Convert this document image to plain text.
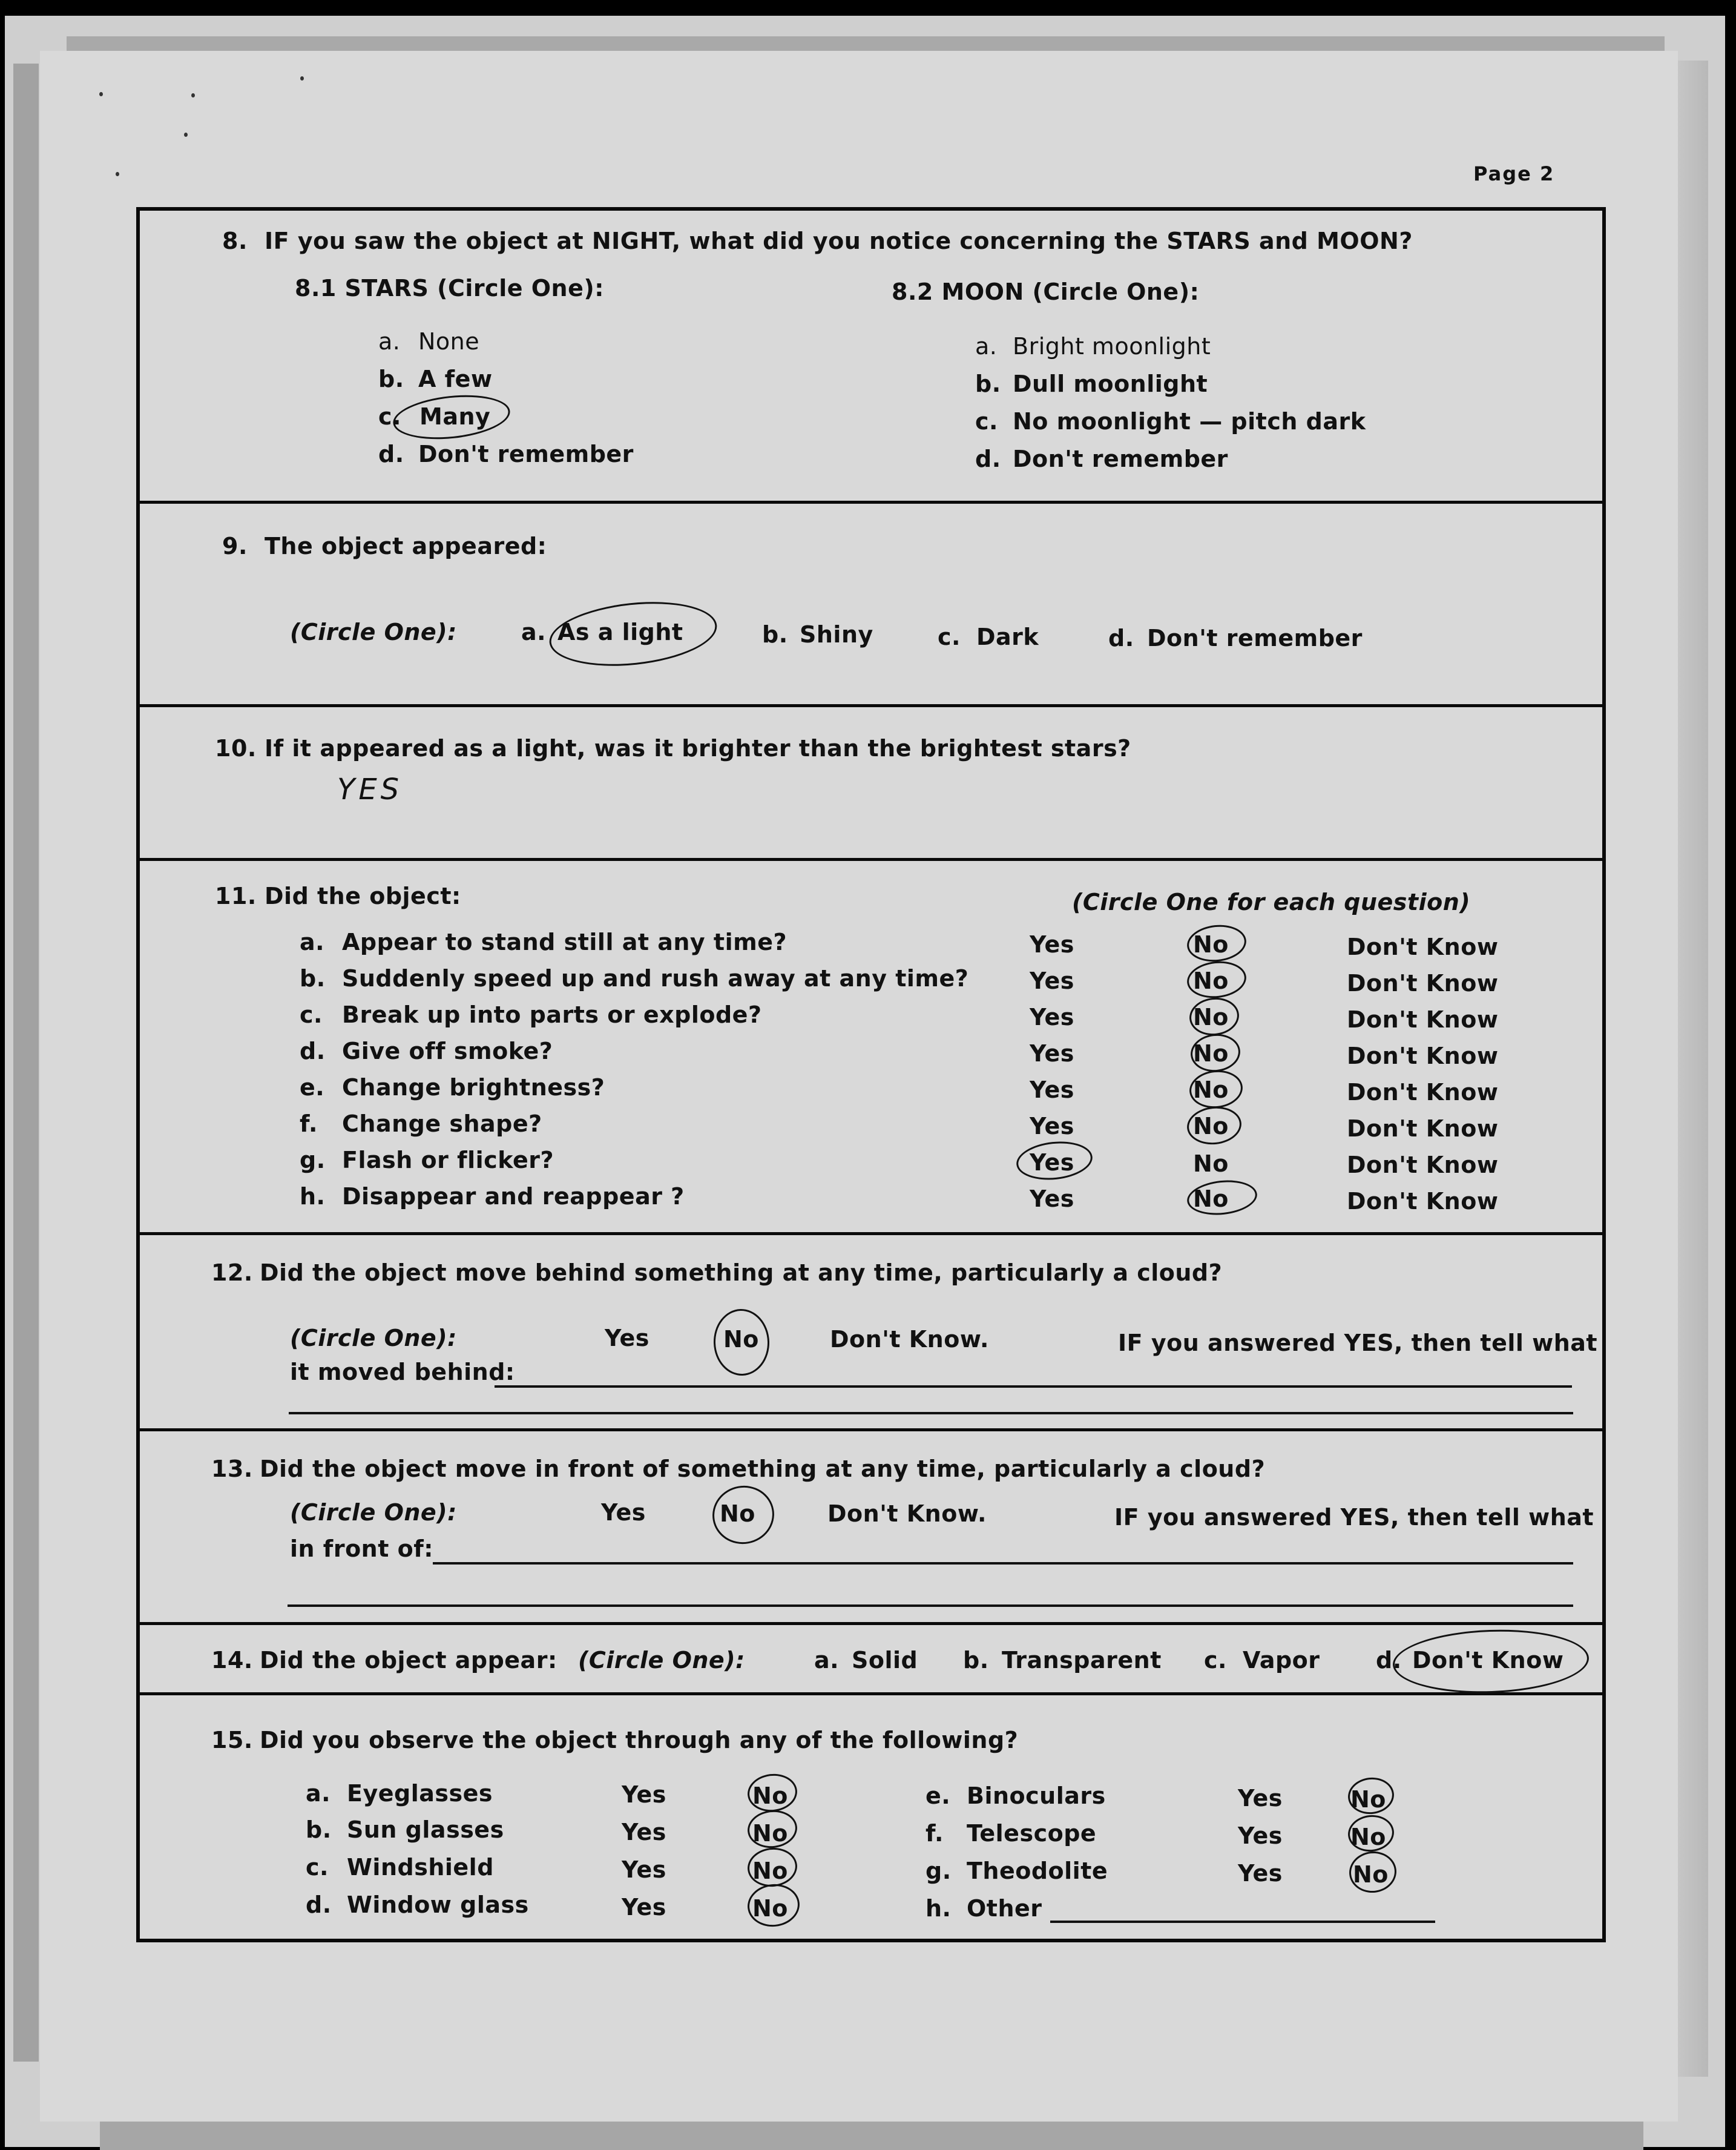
Page 2
8. IF you saw the object at NIGHT, what did you notice concerning the STARS and MOON?
8.1 STARS (Circle One):
a. None
b. A few
c. Many
d. Don't remember
8.2 MOON (Circle One):
a. Bright moonlight
b. Dull moonlight
c. No moonlight — pitch dark
d. Don't remember
9. The object appeared:
(Circle One):	a. As a light	b. Shiny	c. Dark	d. Don't remember
10. If it appeared as a light, was it brighter than the brightest stars?
YES
11. Did the object:	(Circle One for each question)
a. Appear to stand still at any time?	Yes	No	Don't Know
b. Suddenly speed up and rush away at any time?	Yes	No	Don't Know
c. Break up into parts or explode?	Yes	No	Don't Know
d. Give off smoke?	Yes	No	Don't Know
e. Change brightness?	Yes	No	Don't Know
f. Change shape?	Yes	No	Don't Know
g. Flash or flicker?	Yes	No	Don't Know
h. Disappear and reappear ?	Yes	No	Don't Know
12. Did the object move behind something at any time, particularly a cloud?
(Circle One):	Yes	No	Don't Know.	IF you answered YES, then tell what
it moved behind:
13. Did the object move in front of something at any time, particularly a cloud?
(Circle One):	Yes	No	Don't Know.	IF you answered YES, then tell what
in front of:
14. Did the object appear: (Circle One):	a. Solid b. Transparent c. Vapor d. Don't Know
15. Did you observe the object through any of the following?
a. Eyeglasses	Yes	No
b. Sun glasses	Yes	No
c. Windshield	Yes	No
d. Window glass	Yes	No
e. Binoculars	Yes	No
f. Telescope	Yes	No
g. Theodolite	Yes	No
h. Other
